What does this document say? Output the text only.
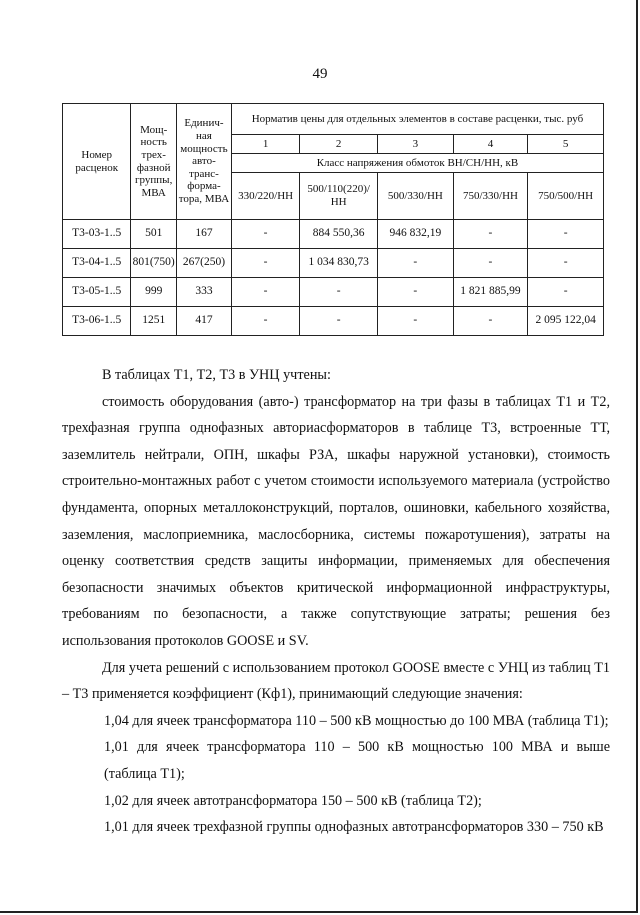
49
Номер расценок	Мощ-ность трех-фазной группы, МВА	Единич-ная мощность авто-транс-форма-тора, МВА	Норматив цены для отдельных элементов в составе расценки, тыс. руб				
			1	2	3	4	5
			Класс напряжения обмоток ВН/СН/НН, кВ				
			330/220/НН	500/110(220)/НН	500/330/НН	750/330/НН	750/500/НН
Т3-03-1..5	501	167	-	884 550,36	946 832,19	-	-
Т3-04-1..5	801(750)	267(250)	-	1 034 830,73	-	-	-
Т3-05-1..5	999	333	-	-	-	1 821 885,99	-
Т3-06-1..5	1251	417	-	-	-	-	2 095 122,04

В таблицах Т1, Т2, Т3 в УНЦ учтены:

стоимость оборудования (авто-) трансформатор на три фазы в таблицах Т1 и Т2, трехфазная группа однофазных автoриасформаторов в таблице Т3, встроенные ТТ, заземлитель нейтрали, ОПН, шкафы РЗА, шкафы наружной установки), стоимость строительно-монтажных работ с учетом стоимости используемого материала (устройство фундамента, опорных металлоконструкций, порталов, ошиновки, кабельного хозяйства, заземления, маслоприемника, маслосборника, системы пожаротушения), затраты на оценку соответствия средств защиты информации, применяемых для обеспечения безопасности значимых объектов критической информационной инфраструктуры, требованиям по безопасности, а также сопутствующие затраты; решения без использования протоколов GOOSE и SV.

Для учета решений с использованием протокол GOOSE вместе с УНЦ из таблиц Т1 – Т3 применяется коэффициент (Кф1), принимающий следующие значения:

1,04 для ячеек трансформатора 110 – 500 кВ мощностью до 100 МВА (таблица Т1);

1,01 для ячеек трансформатора 110 – 500 кВ мощностью 100 МВА и выше (таблица Т1);

1,02 для ячеек автотрансформатора 150 – 500 кВ (таблица Т2);

1,01 для ячеек трехфазной группы однофазных автотрансформаторов 330 – 750 кВ
